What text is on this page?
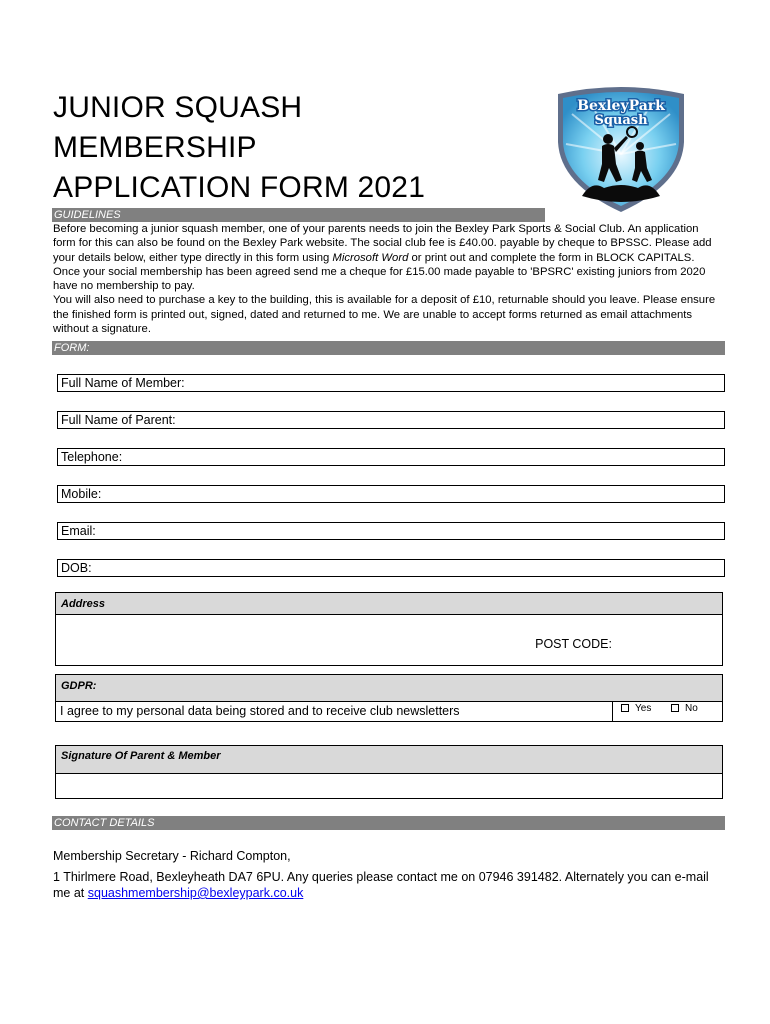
JUNIOR SQUASH
MEMBERSHIP
APPLICATION FORM 2021
BexleyPark
Squash
GUIDELINES

Before becoming a junior squash member, one of your parents needs to join the Bexley Park Sports & Social Club. An application form for this can also be found on the Bexley Park website. The social club fee is £40.00. payable by cheque to BPSSC. Please add your details below, either type directly in this form using Microsoft Word or print out and complete the form in BLOCK CAPITALS. Once your social membership has been agreed send me a cheque for £15.00 made payable to 'BPSRC' existing juniors from 2020 have no membership to pay.

You will also need to purchase a key to the building, this is available for a deposit of £10, returnable should you leave. Please ensure the finished form is printed out, signed, dated and returned to me. We are unable to accept forms returned as email attachments without a signature.

FORM:
Full Name of Member:
Full Name of Parent:
Telephone:
Mobile:
Email:
DOB:
Address
POST CODE:
GDPR:
I agree to my personal data being stored and to receive club newsletters	Yes	No
Signature Of Parent & Member
CONTACT DETAILS

Membership Secretary - Richard Compton,

1 Thirlmere Road, Bexleyheath DA7 6PU. Any queries please contact me on 07946 391482. Alternately you can e-mail me at squashmembership@bexleypark.co.uk
